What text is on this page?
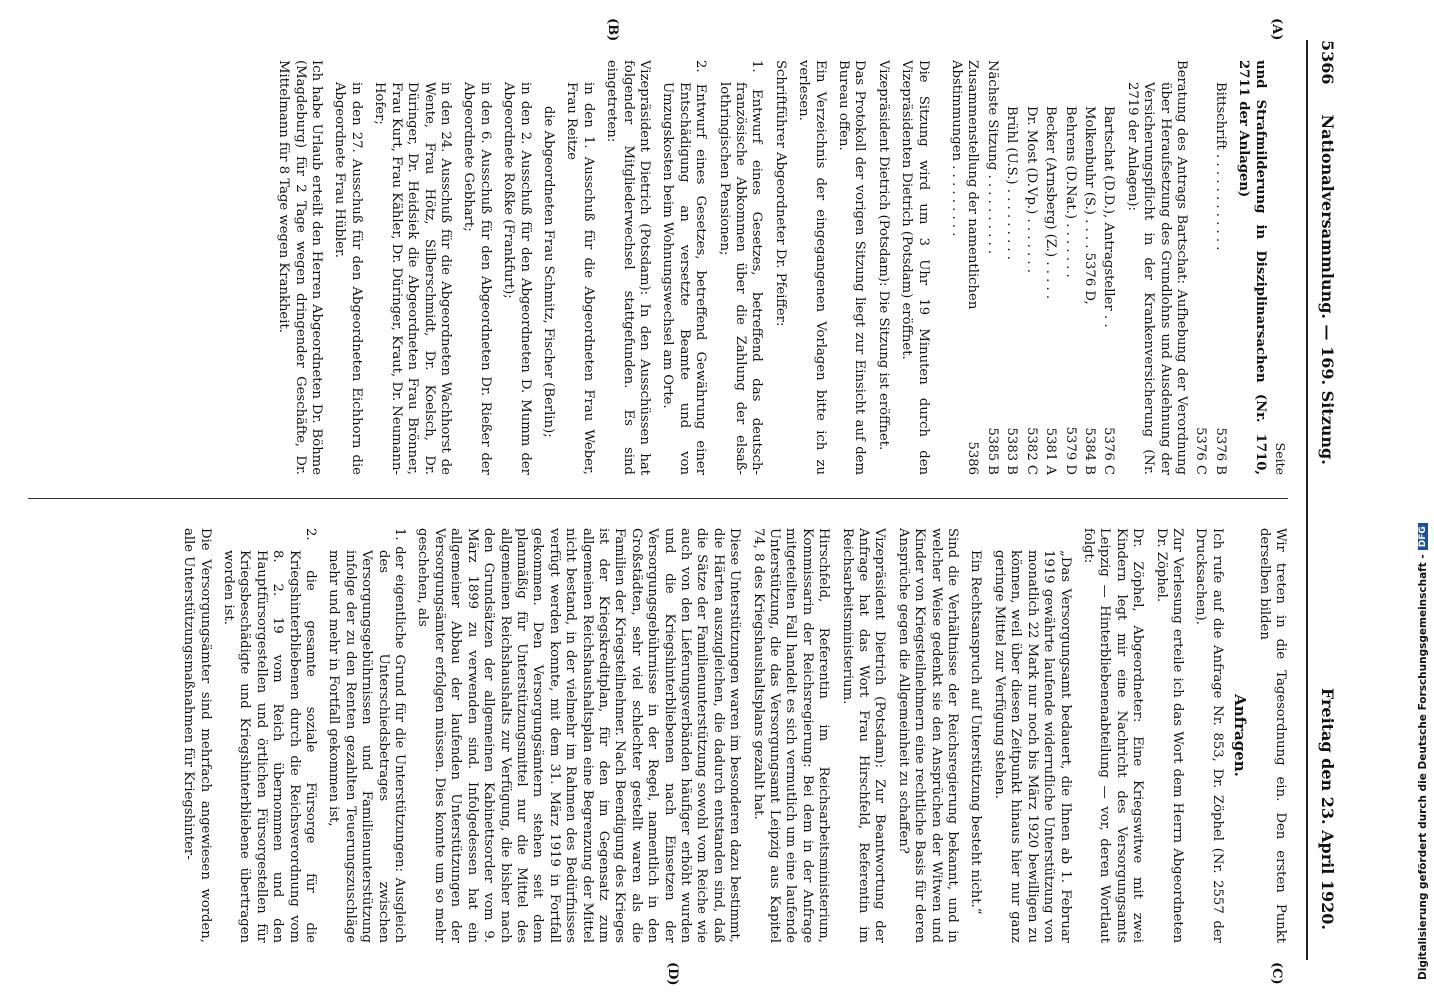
5366
Nationalversammlung. — 169. Sitzung.
Freitag den 23. April 1920.
(A)
(B)
(C)
(D)
Seite

und Strafmilderung in Disziplinarsachen (Nr. 1710, 2711 der Anlagen)

Bittschrift . . . . . . . . . . . .
5376 B
5376 C

Beratung des Antrags Bartschat: Aufhebung der Verordnung über Heraufsetzung des Grundlohns und Ausdehnung der Versicherungspflicht in der Krankenversicherung (Nr. 2719 der Anlagen):

Bartschat (D.D.), Antragsteller . .
5376 C
Molkenbuhr (S.) . . . . 5376 D,
5384 B
Behrens (D.Nat.) . . . . . . .
5379 D
Becker (Arnsberg) (Z.) . . . . .
5381 A
Dr. Most (D.Vp.) . . . . . . .
5382 C
Brühl (U.S.) . . . . . . . . .
5383 B
Nächste Sitzung . . . . . . . . . .
5385 B
Zusammenstellung der namentlichen Abstimmungen . . . . . . . . .
5386

Die Sitzung wird um 3 Uhr 19 Minuten durch den Vizepräsidenten Dietrich (Potsdam) eröffnet.

Vizepräsident Dietrich (Potsdam): Die Sitzung ist eröffnet.

Das Protokoll der vorigen Sitzung liegt zur Einsicht auf dem Bureau offen.

Ein Verzeichnis der eingegangenen Vorlagen bitte ich zu verlesen.

Schriftführer Abgeordneter Dr. Pfeiffer:

1. Entwurf eines Gesetzes, betreffend das deutsch-französische Abkommen über die Zahlung der elsaß-lothringischen Pensionen;

2. Entwurf eines Gesetzes, betreffend Gewährung einer Entschädigung an versetzte Beamte und von Umzugskosten beim Wohnungswechsel am Orte.

Vizepräsident Dietrich (Potsdam): In den Ausschüssen hat folgender Mitgliederwechsel stattgefunden. Es sind eingetreten:

in den 1. Ausschuß für die Abgeordneten Frau Weber, Frau Reitze

die Abgeordneten Frau Schmitz, Fischer (Berlin);

in den 2. Ausschuß für den Abgeordneten D. Mumm der Abgeordnete Roßke (Frankfurt);

in den 6. Ausschuß für den Abgeordneten Dr. Rießer der Abgeordnete Gebhart;

in den 24. Ausschuß für die Abgeordneten Wachhorst de Wente, Frau Hötz, Silberschmidt, Dr. Koelsch, Dr. Düringer, Dr. Heidsiek die Abgeordneten Frau Brönner, Frau Kurt, Frau Kähler, Dr. Düringer, Kraut, Dr. Neumann-Hofer;

in den 27. Ausschuß für den Abgeordneten Eichhorn die Abgeordnete Frau Hübler.

Ich habe Urlaub erteilt den Herren Abgeordneten Dr. Böhme (Magdeburg) für 2 Tage wegen dringender Geschäfte, Dr. Mittelmann für 8 Tage wegen Krankheit.

Wir treten in die Tagesordnung ein. Den ersten Punkt derselben bilden

Anfragen.

Ich rufe auf die Anfrage Nr. 853, Dr. Zöphel (Nr. 2557 der Drucksachen).

Zur Verlesung erteile ich das Wort dem Herrn Abgeordneten Dr. Zöphel.

Dr. Zöphel, Abgeordneter: Eine Kriegswitwe mit zwei Kindern legt mir eine Nachricht des Versorgungsamts Leipzig — Hinterbliebenenabteilung — vor, deren Wortlaut folgt:

„Das Versorgungsamt bedauert, die Ihnen ab 1. Februar 1919 gewährte laufende widerrufliche Unterstützung von monatlich 22 Mark nur noch bis März 1920 bewilligen zu können, weil über diesen Zeitpunkt hinaus hier nur ganz geringe Mittel zur Verfügung stehen.

Ein Rechtsanspruch auf Unterstützung besteht nicht.“

Sind die Verhältnisse der Reichsregierung bekannt, und in welcher Weise gedenkt sie den Ansprüchen der Witwen und Kinder von Kriegsteilnehmern eine rechtliche Basis für deren Ansprüche gegen die Allgemeinheit zu schaffen?

Vizepräsident Dietrich (Potsdam): Zur Beantwortung der Anfrage hat das Wort Frau Hirschfeld, Referentin im Reichsarbeitsministerium.

Hirschfeld, Referentin im Reichsarbeitsministerium, Kommissarin der Reichsregierung: Bei dem in der Anfrage mitgeteilten Fall handelt es sich vermutlich um eine laufende Unterstützung, die das Versorgungsamt Leipzig aus Kapitel 74, 8 des Kriegshaushaltsplans gezahlt hat.

Diese Unterstützungen waren im besonderen dazu bestimmt, die Härten auszugleichen, die dadurch entstanden sind, daß die Sätze der Familienunterstützung sowohl vom Reiche wie auch von den Lieferungsverbänden häufiger erhöht wurden und die Kriegshinterbliebenen nach Einsetzen der Versorgungsgebührnisse in der Regel, namentlich in den Großstädten, sehr viel schlechter gestellt waren als die Familien der Kriegsteilnehmer. Nach Beendigung des Krieges ist der Kriegskreditplan, für den im Gegensatz zum allgemeinen Reichshaushaltsplan eine Begrenzung der Mittel nicht bestand, in der vielmehr im Rahmen des Bedürfnisses verfügt werden konnte, mit dem 31. März 1919 in Fortfall gekommen. Den Versorgungsämtern stehen seit dem planmäßig für Unterstützungsmittel nur die Mittel des allgemeinen Reichshaushalts zur Verfügung, die bisher nach den Grundsätzen der allgemeinen Kabinettsorder vom 9. März 1899 zu verwenden sind. Infolgedessen hat ein allgemeiner Abbau der laufenden Unterstützungen der Versorgungsämter erfolgen müssen. Dies konnte um so mehr geschehen, als

1. der eigentliche Grund für die Unterstützungen: Ausgleich des Unterschiedsbetrages zwischen Versorgungsgebührnissen und Familienunterstützung infolge der zu den Renten gezahlten Teuerungszuschläge mehr und mehr in Fortfall gekommen ist,

2. die gesamte soziale Fürsorge für die Kriegshinterbliebenen durch die Reichsverordnung vom 8. 2. 19 vom Reich übernommen und den Hauptfürsorgestellen und örtlichen Fürsorgestellen für Kriegsbeschädigte und Kriegshinterbliebene übertragen worden ist.

Die Versorgungsämter sind mehrfach angewiesen worden, alle Unterstützungsmaßnahmen für Kriegshinter-	Digitalisierung gefördert durch die Deutsche Forschungsgemeinschaft -
DFG
